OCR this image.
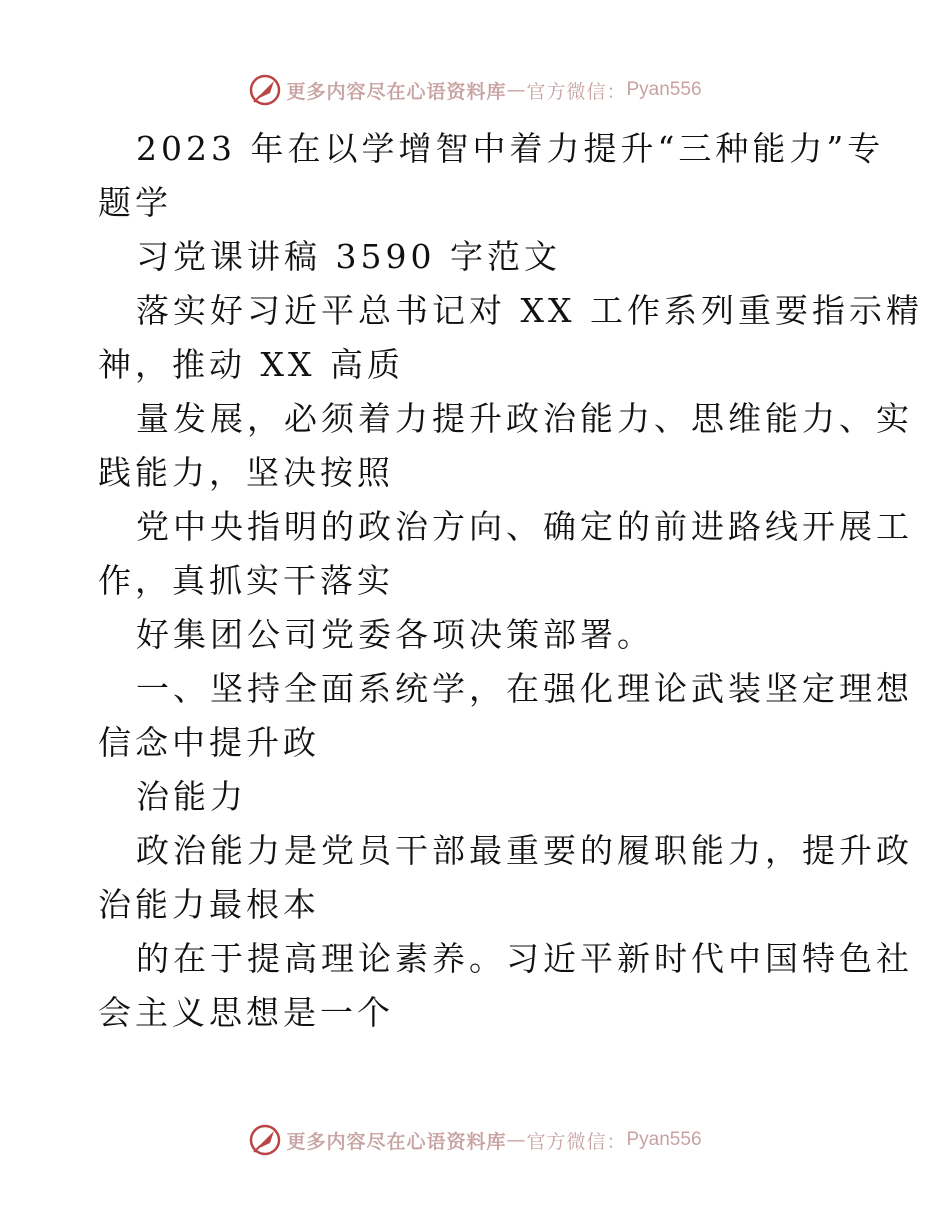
更多内容尽在心语资料库 — 官方微信： Pyan556
2023 年在以学增智中着力提升“三种能力”专
题学
习党课讲稿 3590 字范文
落实好习近平总书记对 XX 工作系列重要指示精
神，推动 XX 高质
量发展，必须着力提升政治能力、思维能力、实
践能力，坚决按照
党中央指明的政治方向、确定的前进路线开展工
作，真抓实干落实
好集团公司党委各项决策部署。
一、坚持全面系统学，在强化理论武装坚定理想
信念中提升政
治能力
政治能力是党员干部最重要的履职能力，提升政
治能力最根本
的在于提高理论素养。习近平新时代中国特色社
会主义思想是一个
更多内容尽在心语资料库 — 官方微信： Pyan556
